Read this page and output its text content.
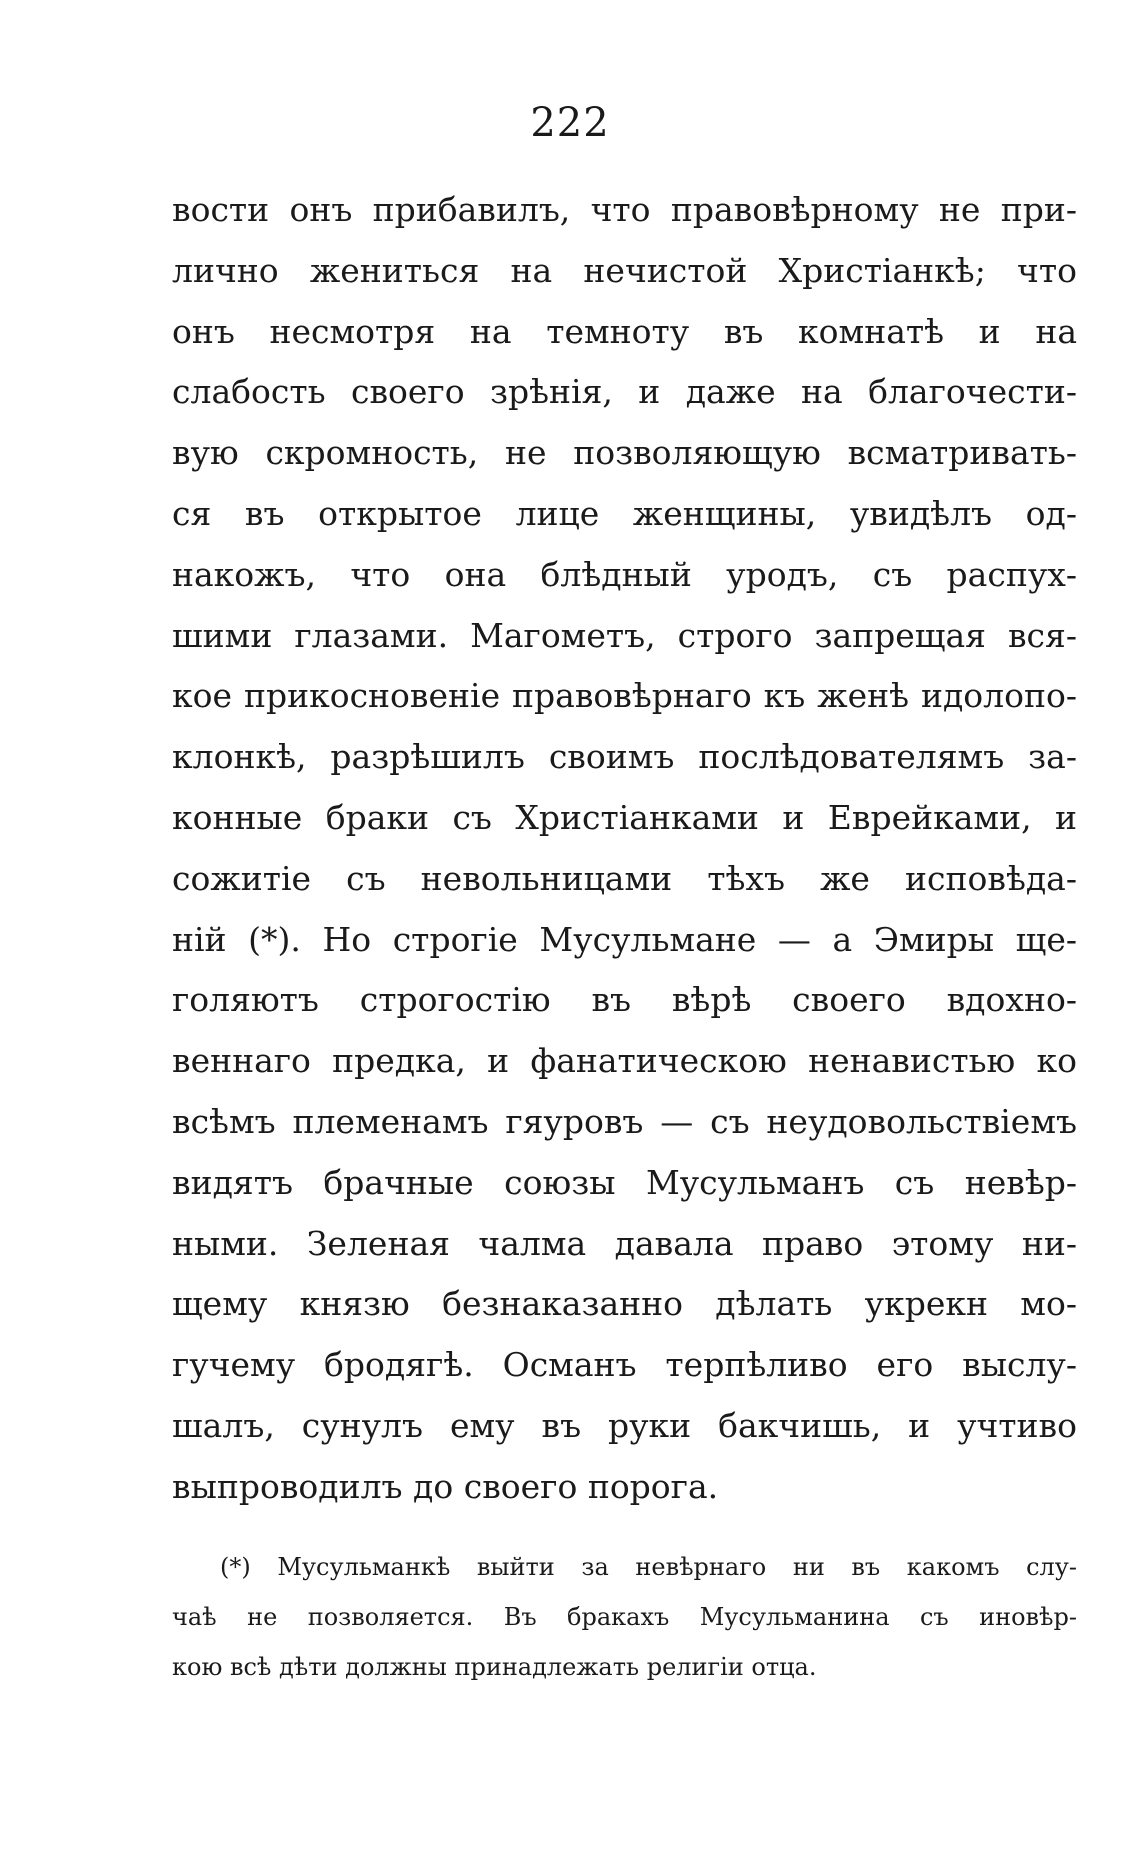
222
вости онъ прибавилъ, что правовѣрному не при-
лично жениться на нечистой Христіанкѣ; что
онъ несмотря на темноту въ комнатѣ и на
слабость своего зрѣнія, и даже на благочести-
вую скромность, не позволяющую всматривать-
ся въ открытое лице женщины, увидѣлъ од-
накожъ, что она блѣдный уродъ, съ распух-
шими глазами. Магометъ, строго запрещая вся-
кое прикосновеніе правовѣрнаго къ женѣ идолопо-
клонкѣ, разрѣшилъ своимъ послѣдователямъ за-
конные браки съ Христіанками и Еврейками, и
сожитіе съ невольницами тѣхъ же исповѣда-
ній (*). Но строгіе Мусульмане — а Эмиры ще-
голяютъ строгостію въ вѣрѣ своего вдохно-
веннаго предка, и фанатическою ненавистью ко
всѣмъ племенамъ гяуровъ — съ неудовольствіемъ
видятъ брачные союзы Мусульманъ съ невѣр-
ными. Зеленая чалма давала право этому ни-
щему князю безнаказанно дѣлать укрекн мо-
гучему бродягѣ. Османъ терпѣливо его выслу-
шалъ, сунулъ ему въ руки бакчишь, и учтиво
выпроводилъ до своего порога.
(*) Мусульманкѣ выйти за невѣрнаго ни въ какомъ слу-
чаѣ не позволяется. Въ бракахъ Мусульманина съ иновѣр-
кою всѣ дѣти должны принадлежать религіи отца.
